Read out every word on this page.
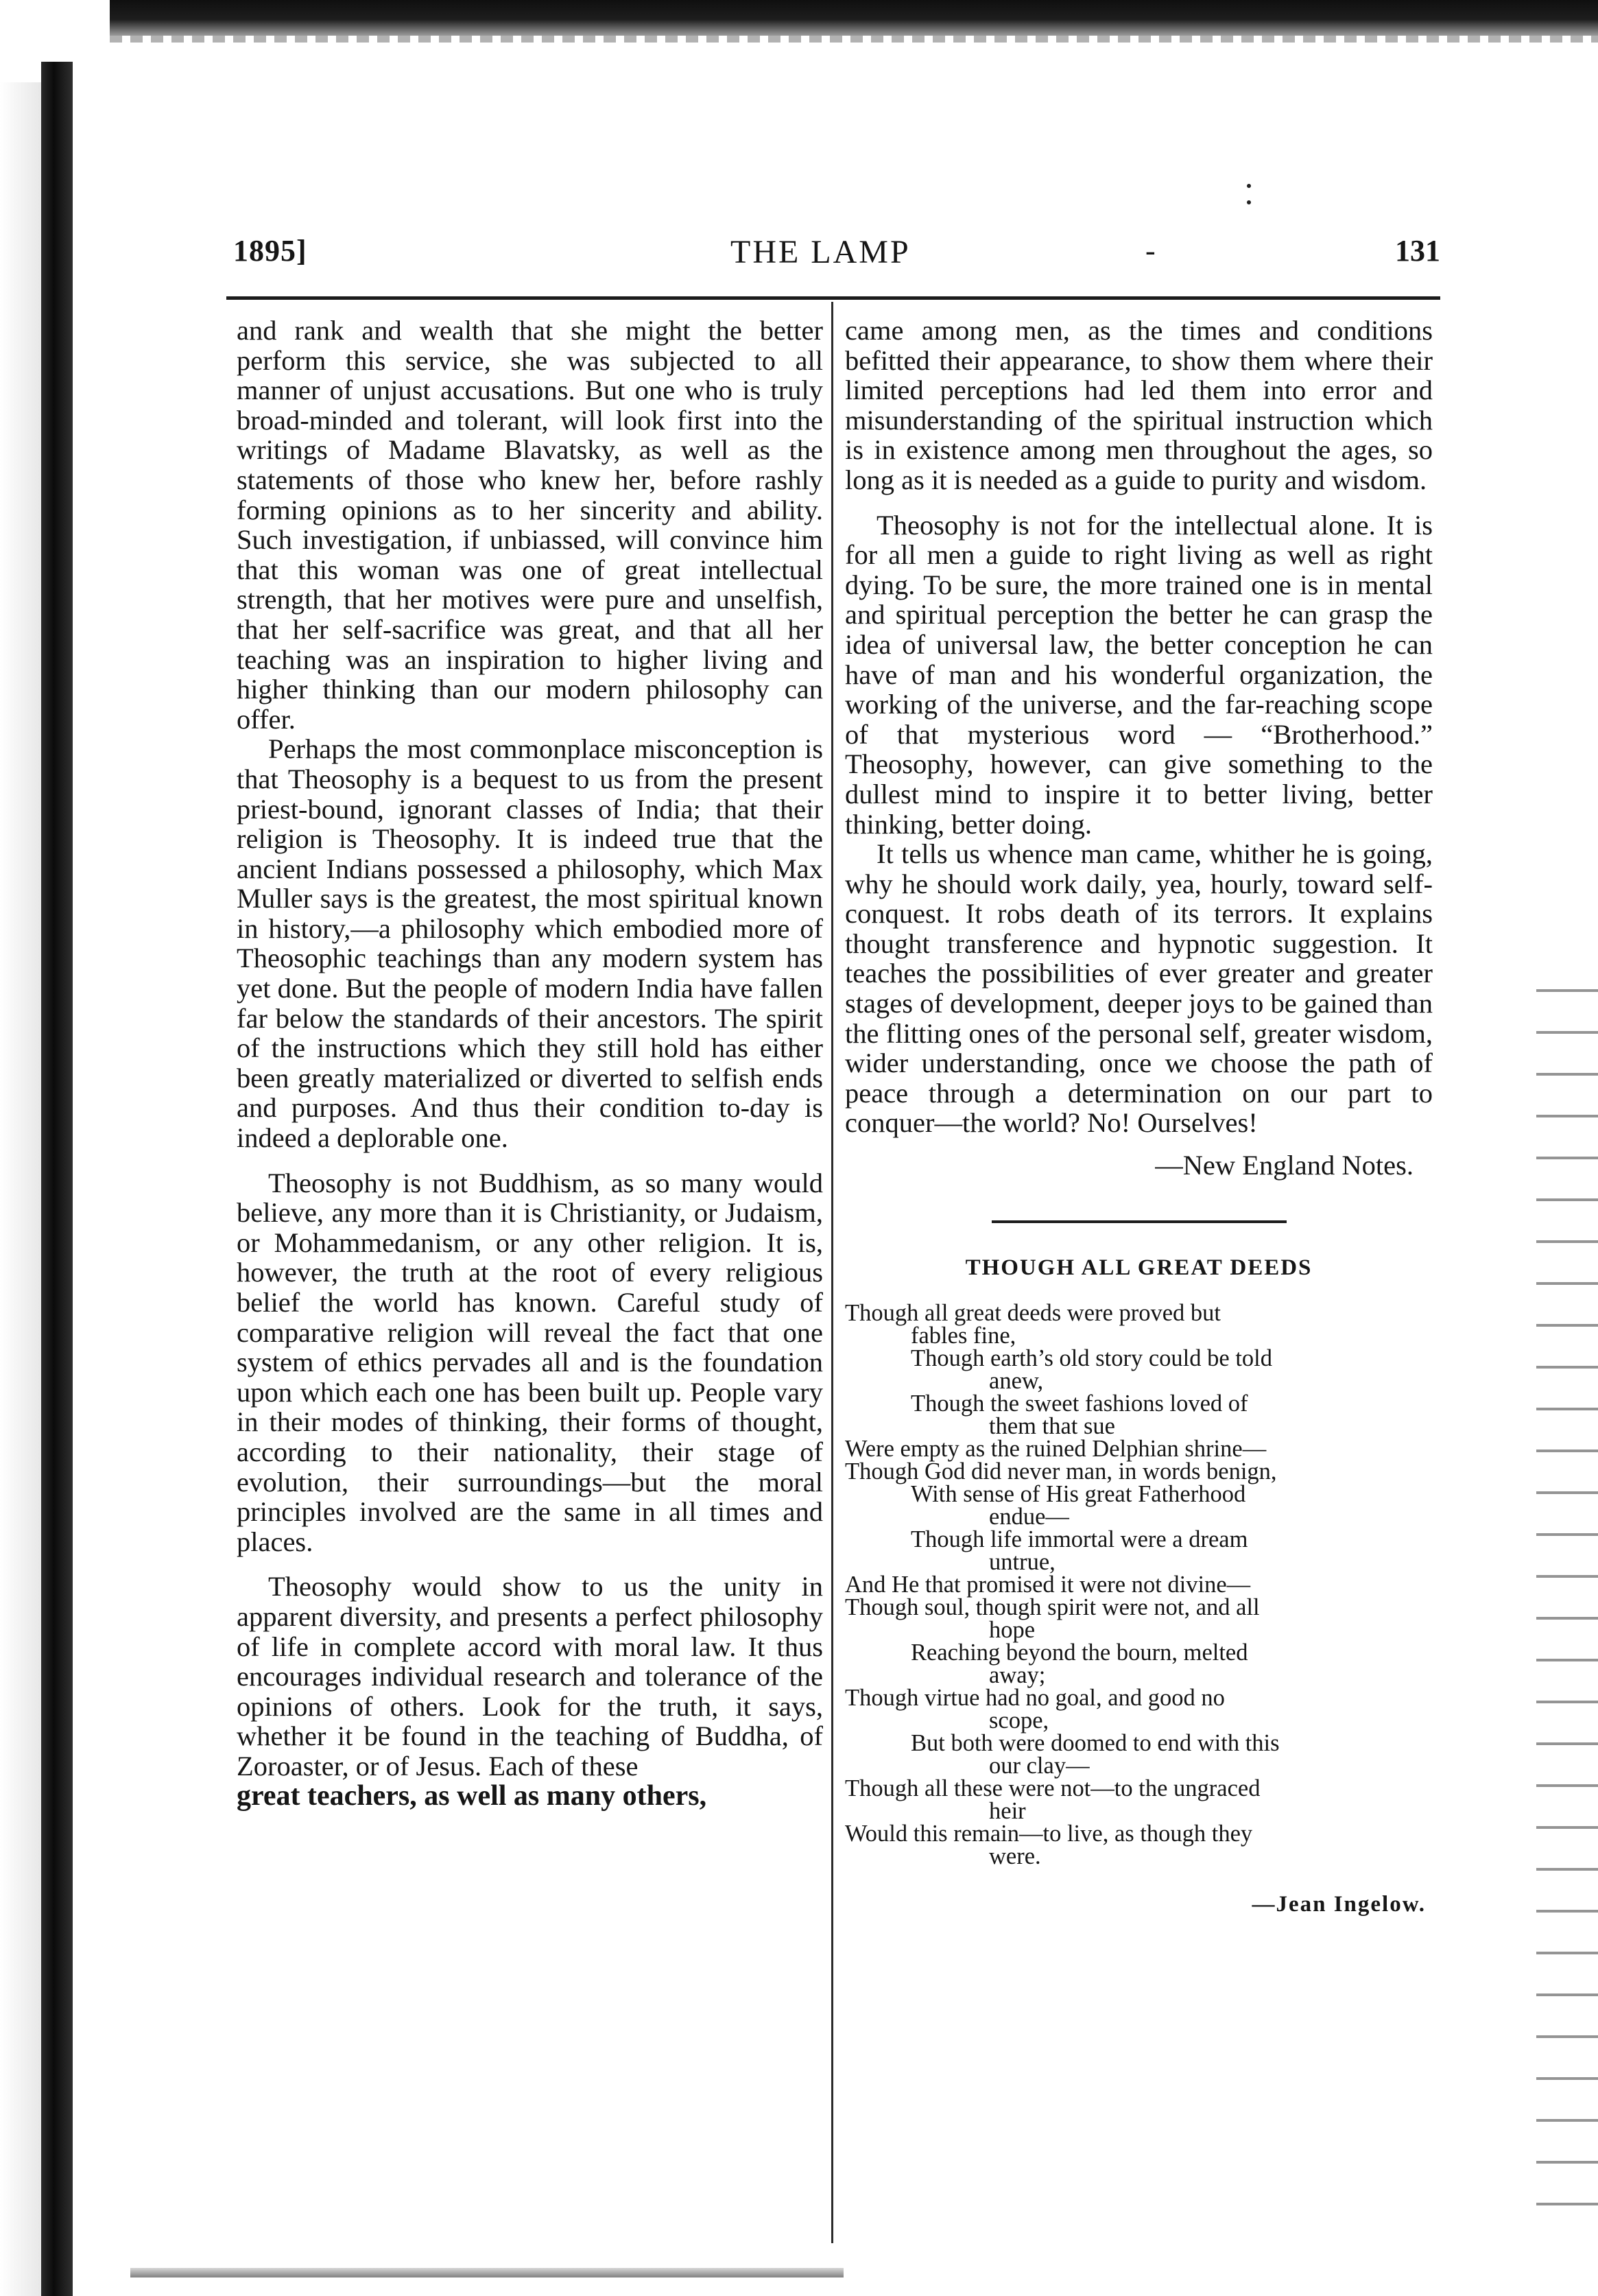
1895]	THE LAMP	-	131

and rank and wealth that she might the better perform this service, she was subjected to all manner of unjust accusations. But one who is truly broad-minded and tolerant, will look first into the writings of Madame Blavatsky, as well as the statements of those who knew her, before rashly forming opinions as to her sincerity and ability. Such investigation, if unbiassed, will convince him that this woman was one of great intellectual strength, that her motives were pure and unselfish, that her self-sacrifice was great, and that all her teaching was an inspiration to higher living and higher thinking than our modern philosophy can offer.

Perhaps the most commonplace misconception is that Theosophy is a bequest to us from the present priest-bound, ignorant classes of India; that their religion is Theosophy. It is indeed true that the ancient Indians possessed a philosophy, which Max Muller says is the greatest, the most spiritual known in history,—a philosophy which embodied more of Theosophic teachings than any modern system has yet done. But the people of modern India have fallen far below the standards of their ancestors. The spirit of the instructions which they still hold has either been greatly materialized or diverted to selfish ends and purposes. And thus their condition to-day is indeed a deplorable one.

Theosophy is not Buddhism, as so many would believe, any more than it is Christianity, or Judaism, or Mohammedanism, or any other religion. It is, however, the truth at the root of every religious belief the world has known. Careful study of comparative religion will reveal the fact that one system of ethics pervades all and is the foundation upon which each one has been built up. People vary in their modes of thinking, their forms of thought, according to their nationality, their stage of evolution, their surroundings—but the moral principles involved are the same in all times and places.

Theosophy would show to us the unity in apparent diversity, and presents a perfect philosophy of life in complete accord with moral law. It thus encourages individual research and tolerance of the opinions of others. Look for the truth, it says, whether it be found in the teaching of Buddha, of Zoroaster, or of Jesus. Each of these

great teachers, as well as many others,

came among men, as the times and conditions befitted their appearance, to show them where their limited perceptions had led them into error and misunderstanding of the spiritual instruction which is in existence among men throughout the ages, so long as it is needed as a guide to purity and wisdom.

Theosophy is not for the intellectual alone. It is for all men a guide to right living as well as right dying. To be sure, the more trained one is in mental and spiritual perception the better he can grasp the idea of universal law, the better conception he can have of man and his wonderful organization, the working of the universe, and the far-reaching scope of that mysterious word — “Brotherhood.” Theosophy, however, can give something to the dullest mind to inspire it to better living, better thinking, better doing.

It tells us whence man came, whither he is going, why he should work daily, yea, hourly, toward self-conquest. It robs death of its terrors. It explains thought transference and hypnotic suggestion. It teaches the possibilities of ever greater and greater stages of development, deeper joys to be gained than the flitting ones of the personal self, greater wisdom, wider understanding, once we choose the path of peace through a determination on our part to conquer—the world? No! Ourselves!

—New England Notes.

THOUGH ALL GREAT DEEDS
Though all great deeds were proved but
fables fine,
Though earth’s old story could be told
anew,
Though the sweet fashions loved of
them that sue
Were empty as the ruined Delphian shrine—
Though God did never man, in words benign,
With sense of His great Fatherhood
endue—
Though life immortal were a dream
untrue,
And He that promised it were not divine—
Though soul, though spirit were not, and all
hope
Reaching beyond the bourn, melted
away;
Though virtue had no goal, and good no
scope,
But both were doomed to end with this
our clay—
Though all these were not—to the ungraced
heir
Would this remain—to live, as though they
were.
—Jean Ingelow.
